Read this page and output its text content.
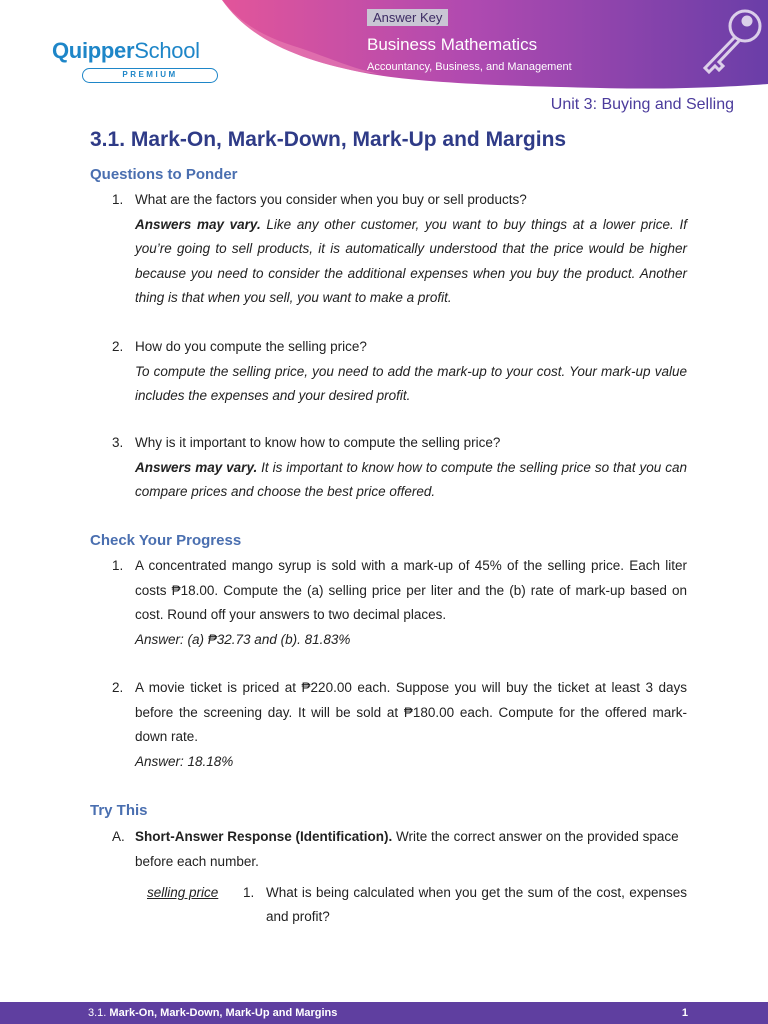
QuipperSchool
PREMIUM
Answer Key
Business Mathematics
Accountancy, Business, and Management
Unit 3: Buying and Selling
3.1. Mark-On, Mark-Down, Mark-Up and Margins
Questions to Ponder
1. What are the factors you consider when you buy or sell products?
Answers may vary. Like any other customer, you want to buy things at a lower price. If you’re going to sell products, it is automatically understood that the price would be higher because you need to consider the additional expenses when you buy the product. Another thing is that when you sell, you want to make a profit.
2. How do you compute the selling price?
To compute the selling price, you need to add the mark-up to your cost. Your mark-up value includes the expenses and your desired profit.
3. Why is it important to know how to compute the selling price?
Answers may vary. It is important to know how to compute the selling price so that you can compare prices and choose the best price offered.
Check Your Progress
1. A concentrated mango syrup is sold with a mark-up of 45% of the selling price. Each liter costs ₱18.00. Compute the (a) selling price per liter and the (b) rate of mark-up based on cost. Round off your answers to two decimal places.
Answer: (a) ₱32.73 and (b). 81.83%
2. A movie ticket is priced at ₱220.00 each. Suppose you will buy the ticket at least 3 days before the screening day. It will be sold at ₱180.00 each. Compute for the offered mark-down rate.
Answer: 18.18%
Try This
A. Short-Answer Response (Identification). Write the correct answer on the provided space before each number.
selling price 1. What is being calculated when you get the sum of the cost, expenses and profit?
3.1. Mark-On, Mark-Down, Mark-Up and Margins	1
